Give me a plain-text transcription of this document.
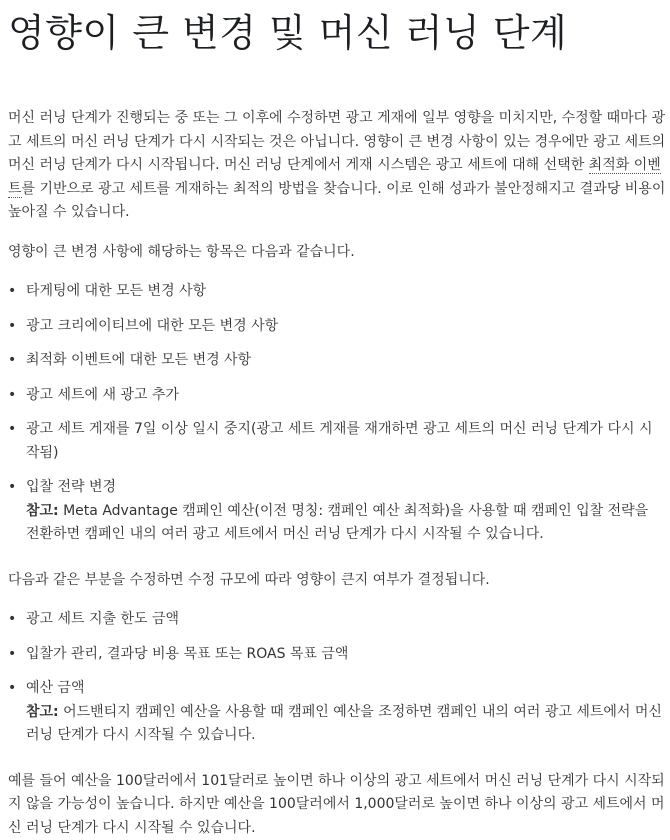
영향이 큰 변경 및 머신 러닝 단계

머신 러닝 단계가 진행되는 중 또는 그 이후에 수정하면 광고 게재에 일부 영향을 미치지만, 수정할 때마다 광고 세트의 머신 러닝 단계가 다시 시작되는 것은 아닙니다. 영향이 큰 변경 사항이 있는 경우에만 광고 세트의 머신 러닝 단계가 다시 시작됩니다. 머신 러닝 단계에서 게재 시스템은 광고 세트에 대해 선택한 최적화 이벤트를 기반으로 광고 세트를 게재하는 최적의 방법을 찾습니다. 이로 인해 성과가 불안정해지고 결과당 비용이 높아질 수 있습니다.

영향이 큰 변경 사항에 해당하는 항목은 다음과 같습니다.

• 타게팅에 대한 모든 변경 사항
• 광고 크리에이티브에 대한 모든 변경 사항
• 최적화 이벤트에 대한 모든 변경 사항
• 광고 세트에 새 광고 추가
• 광고 세트 게재를 7일 이상 일시 중지(광고 세트 게재를 재개하면 광고 세트의 머신 러닝 단계가 다시 시작됨)
• 입찰 전략 변경
참고: Meta Advantage 캠페인 예산(이전 명칭: 캠페인 예산 최적화)을 사용할 때 캠페인 입찰 전략을 전환하면 캠페인 내의 여러 광고 세트에서 머신 러닝 단계가 다시 시작될 수 있습니다.

다음과 같은 부분을 수정하면 수정 규모에 따라 영향이 큰지 여부가 결정됩니다.

• 광고 세트 지출 한도 금액
• 입찰가 관리, 결과당 비용 목표 또는 ROAS 목표 금액
• 예산 금액
참고: 어드밴티지 캠페인 예산을 사용할 때 캠페인 예산을 조정하면 캠페인 내의 여러 광고 세트에서 머신 러닝 단계가 다시 시작될 수 있습니다.

예를 들어 예산을 100달러에서 101달러로 높이면 하나 이상의 광고 세트에서 머신 러닝 단계가 다시 시작되지 않을 가능성이 높습니다. 하지만 예산을 100달러에서 1,000달러로 높이면 하나 이상의 광고 세트에서 머신 러닝 단계가 다시 시작될 수 있습니다.
